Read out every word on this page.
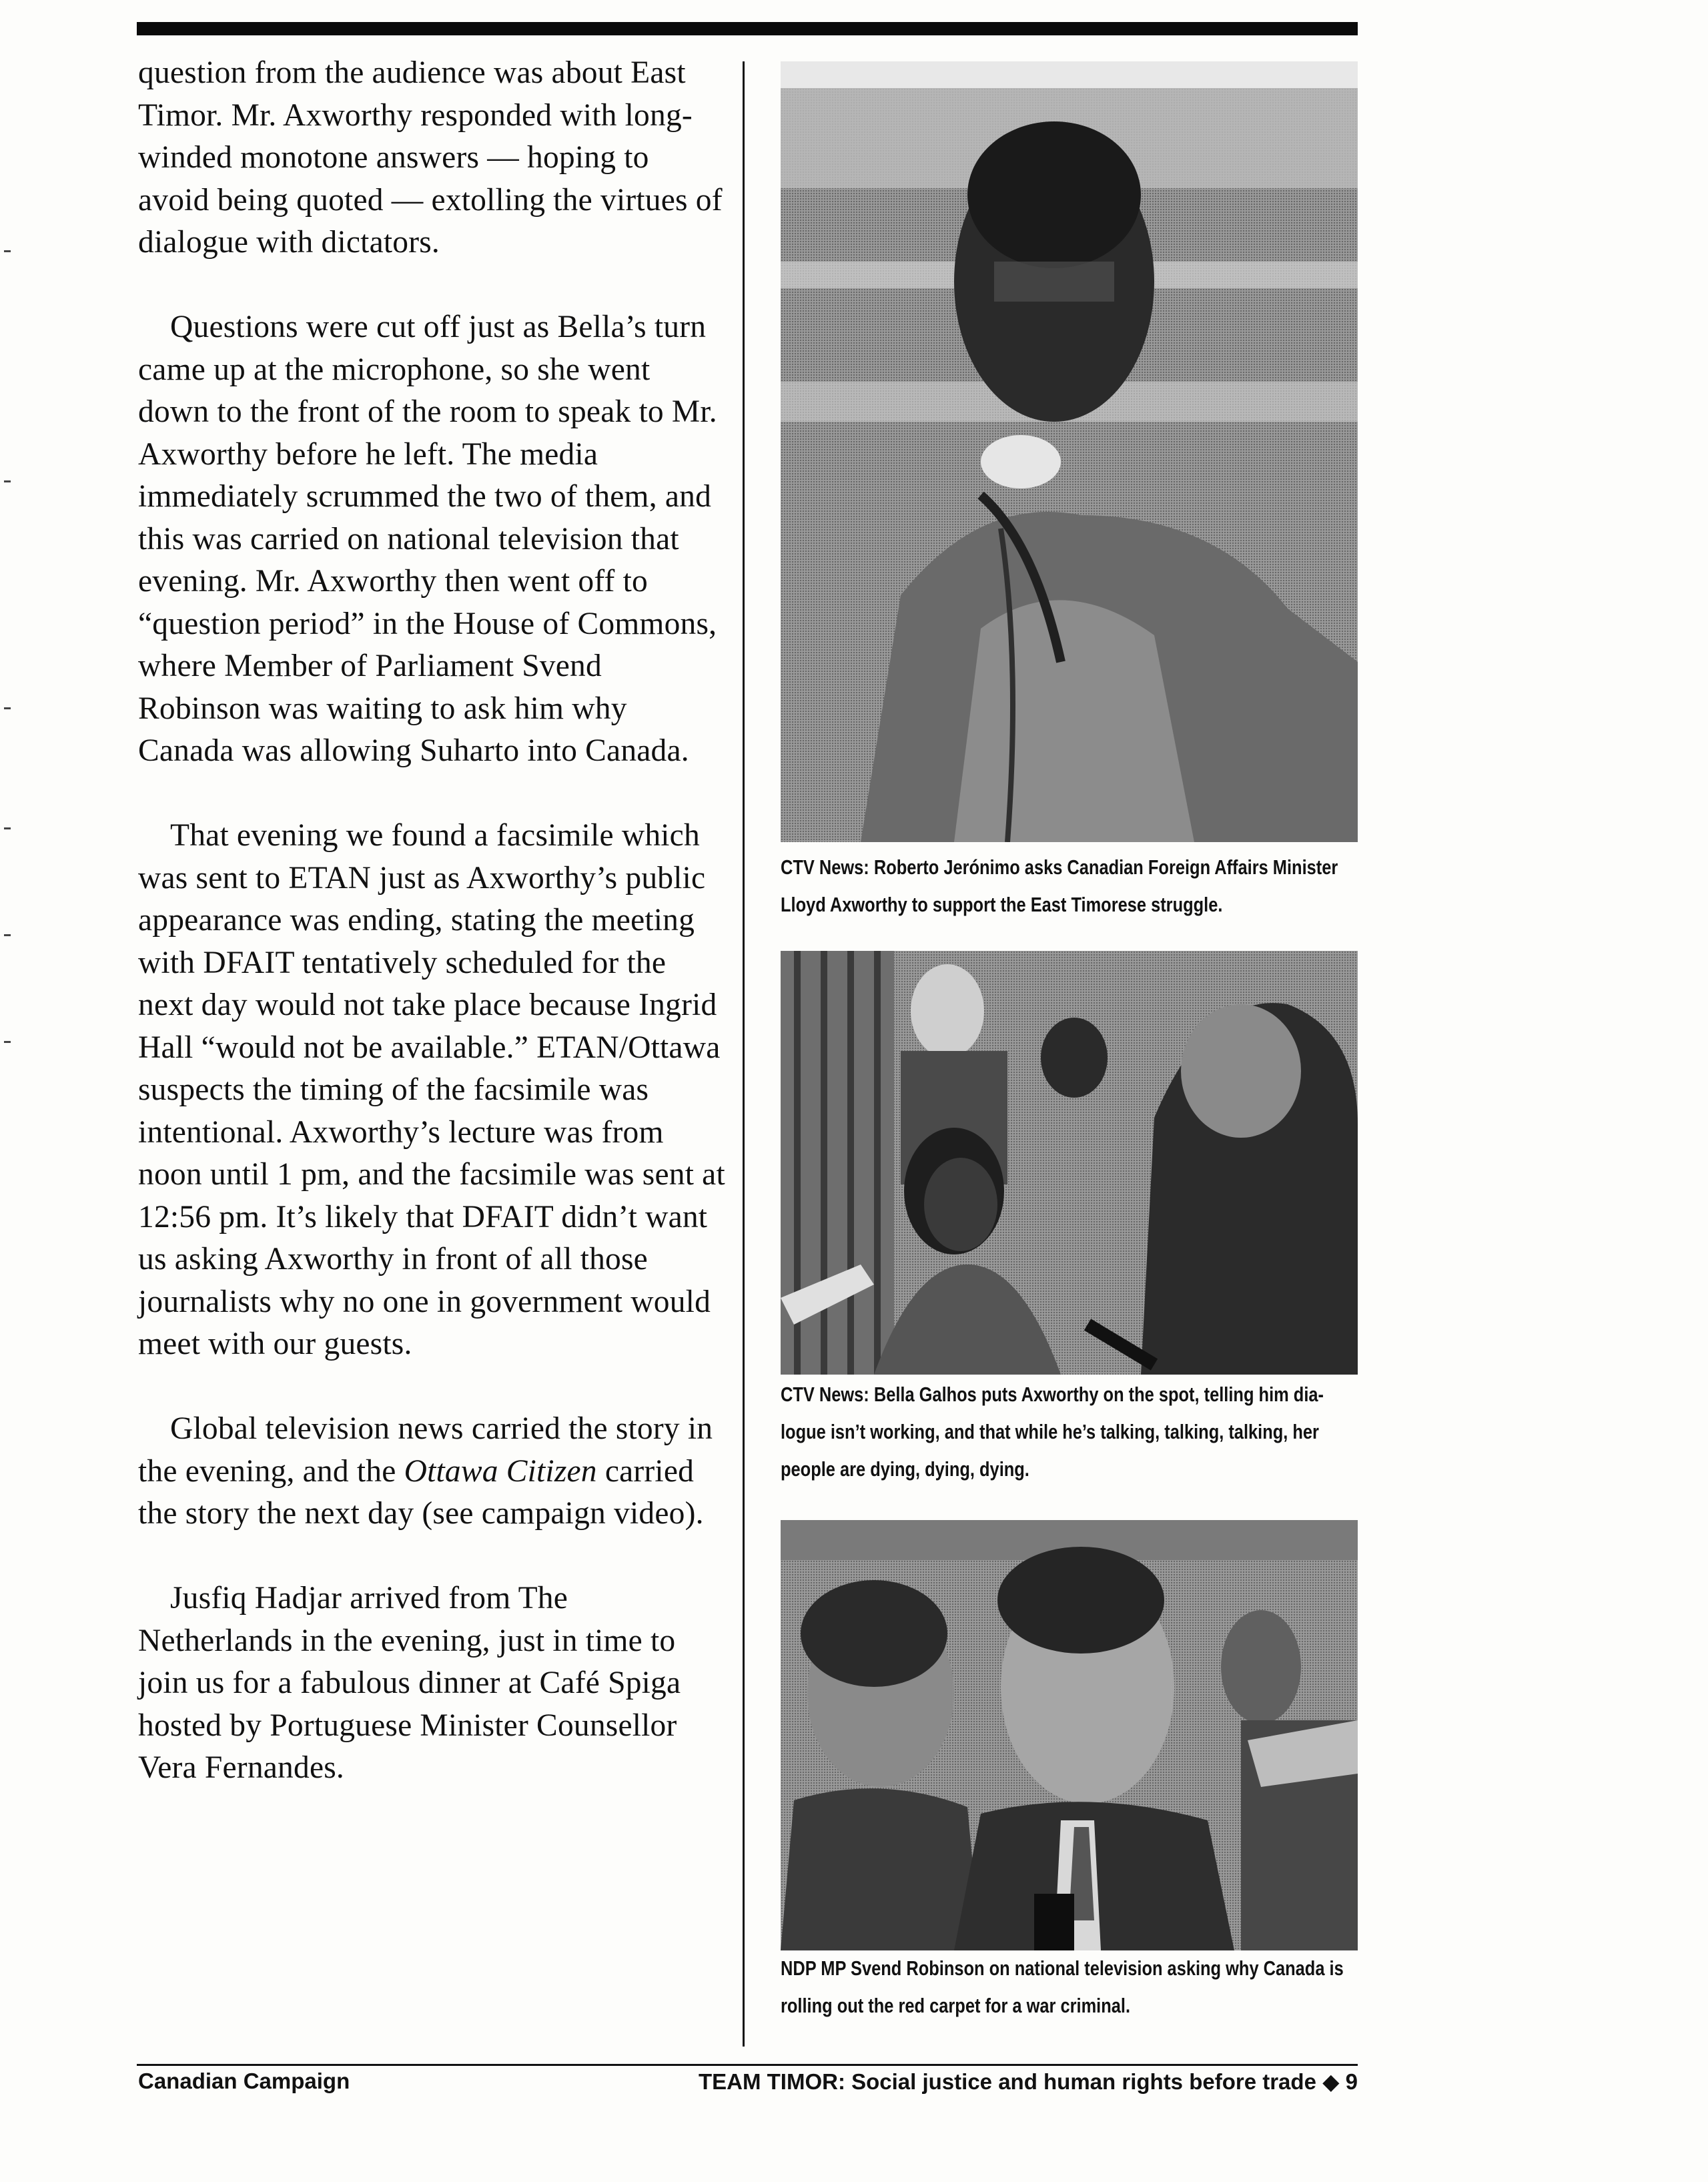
question from the audience was about East Timor. Mr. Axworthy responded with long-winded monotone answers — hoping to avoid being quoted — extolling the virtues of dialogue with dictators.

Questions were cut off just as Bella’s turn came up at the microphone, so she went down to the front of the room to speak to Mr. Axworthy before he left. The media immediately scrummed the two of them, and this was carried on national television that evening. Mr. Axworthy then went off to “question period” in the House of Commons, where Member of Parliament Svend Robinson was waiting to ask him why Canada was allowing Suharto into Canada.

That evening we found a facsimile which was sent to ETAN just as Axworthy’s public appearance was ending, stating the meeting with DFAIT tentatively scheduled for the next day would not take place because Ingrid Hall “would not be available.” ETAN/Ottawa suspects the timing of the facsimile was intentional. Axworthy’s lecture was from noon until 1 pm, and the facsimile was sent at 12:56 pm. It’s likely that DFAIT didn’t want us asking Axworthy in front of all those journalists why no one in government would meet with our guests.

Global television news carried the story in the evening, and the Ottawa Citizen carried the story the next day (see campaign video).

Jusfiq Hadjar arrived from The Netherlands in the evening, just in time to join us for a fabulous dinner at Café Spiga hosted by Portuguese Minister Counsellor Vera Fernandes.

CTV News: Roberto Jerónimo asks Canadian Foreign Affairs Minister Lloyd Axworthy to support the East Timorese struggle.
CTV News: Bella Galhos puts Axworthy on the spot, telling him dia-logue isn’t working, and that while he’s talking, talking, talking, her people are dying, dying, dying.
NDP MP Svend Robinson on national television asking why Canada is rolling out the red carpet for a war criminal.
Canadian Campaign	TEAM TIMOR: Social justice and human rights before trade ◆ 9
